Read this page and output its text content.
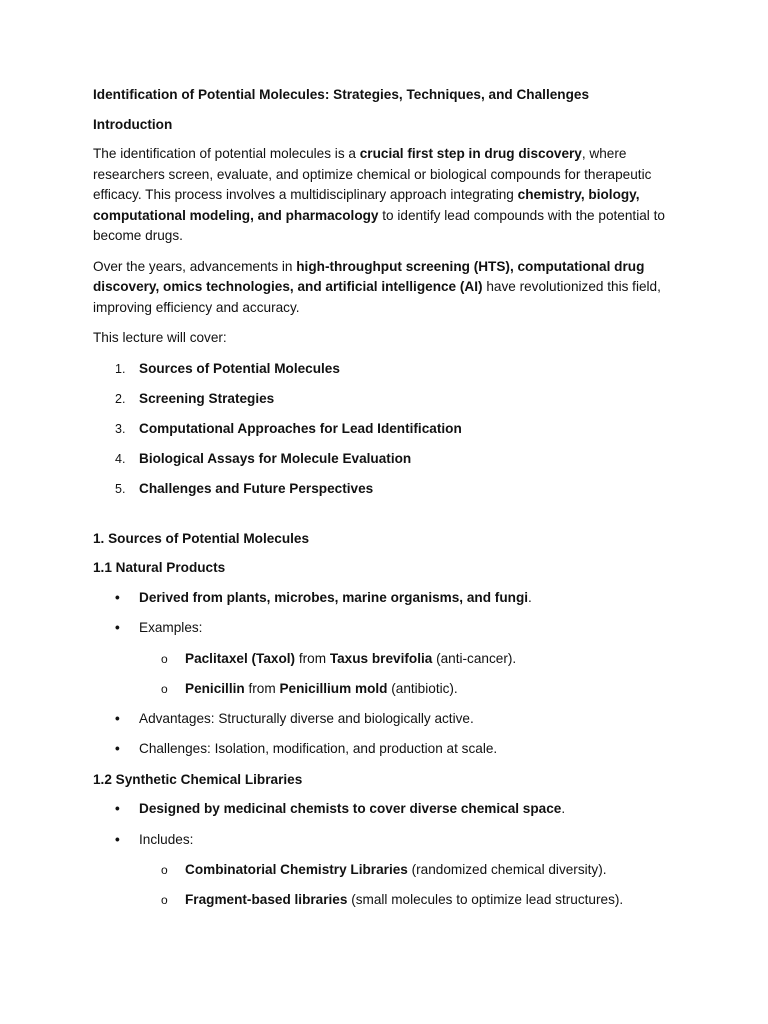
Identification of Potential Molecules: Strategies, Techniques, and Challenges
Introduction
The identification of potential molecules is a crucial first step in drug discovery, where researchers screen, evaluate, and optimize chemical or biological compounds for therapeutic efficacy. This process involves a multidisciplinary approach integrating chemistry, biology, computational modeling, and pharmacology to identify lead compounds with the potential to become drugs.
Over the years, advancements in high-throughput screening (HTS), computational drug discovery, omics technologies, and artificial intelligence (AI) have revolutionized this field, improving efficiency and accuracy.
This lecture will cover:
1. Sources of Potential Molecules
2. Screening Strategies
3. Computational Approaches for Lead Identification
4. Biological Assays for Molecule Evaluation
5. Challenges and Future Perspectives
1. Sources of Potential Molecules
1.1 Natural Products
• Derived from plants, microbes, marine organisms, and fungi.
• Examples:
o Paclitaxel (Taxol) from Taxus brevifolia (anti-cancer).
o Penicillin from Penicillium mold (antibiotic).
• Advantages: Structurally diverse and biologically active.
• Challenges: Isolation, modification, and production at scale.
1.2 Synthetic Chemical Libraries
• Designed by medicinal chemists to cover diverse chemical space.
• Includes:
o Combinatorial Chemistry Libraries (randomized chemical diversity).
o Fragment-based libraries (small molecules to optimize lead structures).
